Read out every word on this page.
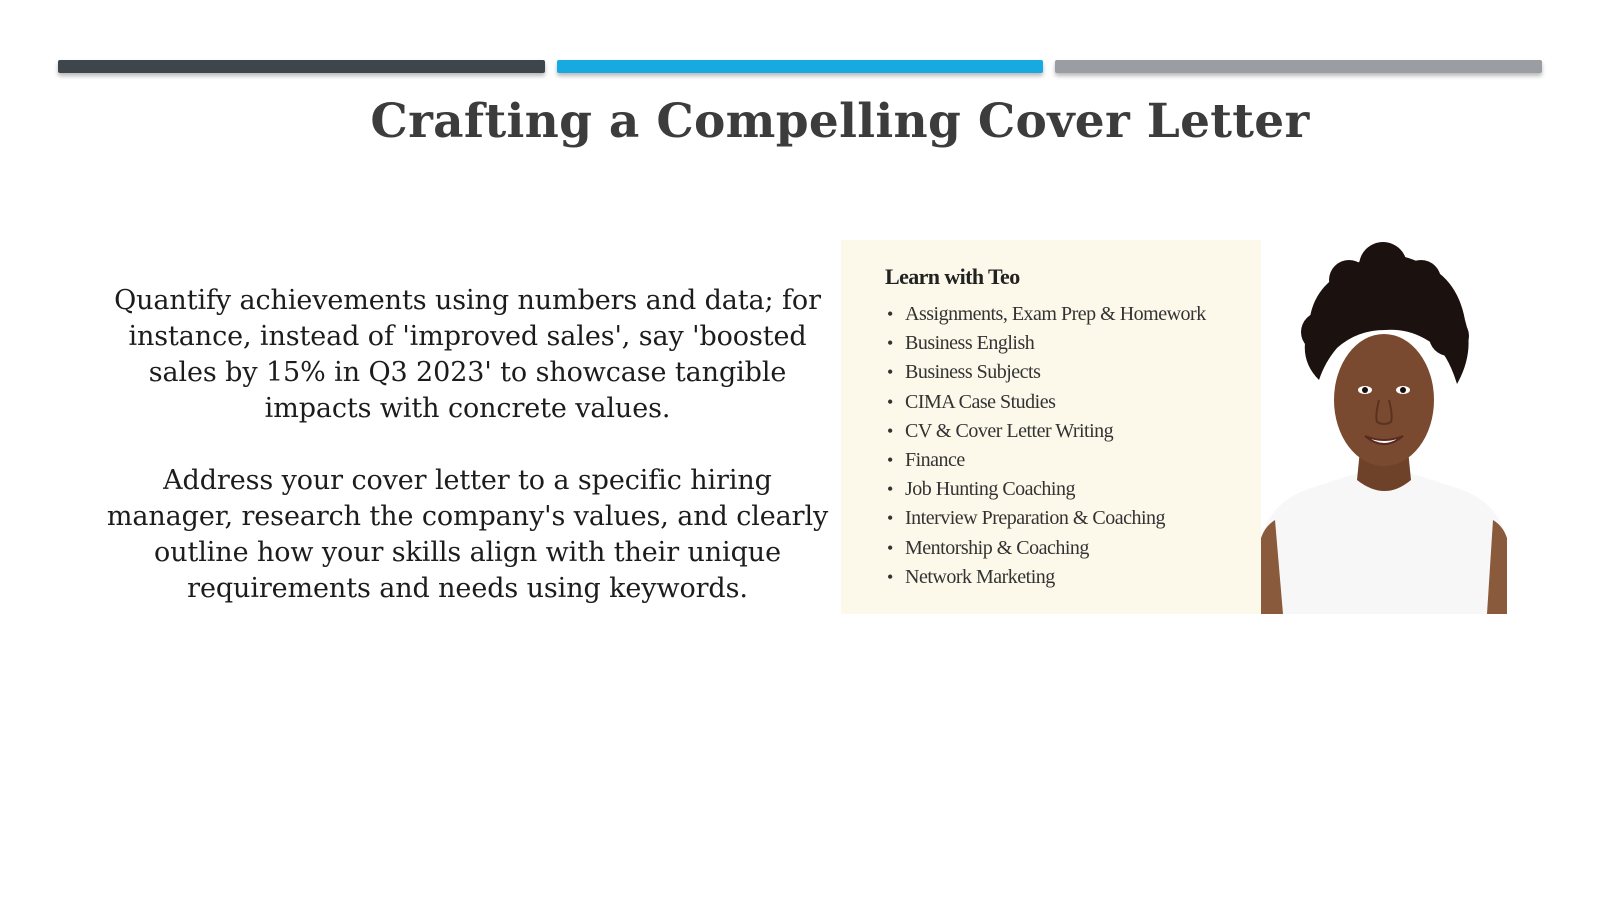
Crafting a Compelling Cover Letter

Quantify achievements using numbers and data; for instance, instead of 'improved sales', say 'boosted sales by 15% in Q3 2023' to showcase tangible impacts with concrete values.

Address your cover letter to a specific hiring manager, research the company's values, and clearly outline how your skills align with their unique requirements and needs using keywords.

Learn with Teo
• Assignments, Exam Prep & Homework
• Business English
• Business Subjects
• CIMA Case Studies
• CV & Cover Letter Writing
• Finance
• Job Hunting Coaching
• Interview Preparation & Coaching
• Mentorship & Coaching
• Network Marketing
